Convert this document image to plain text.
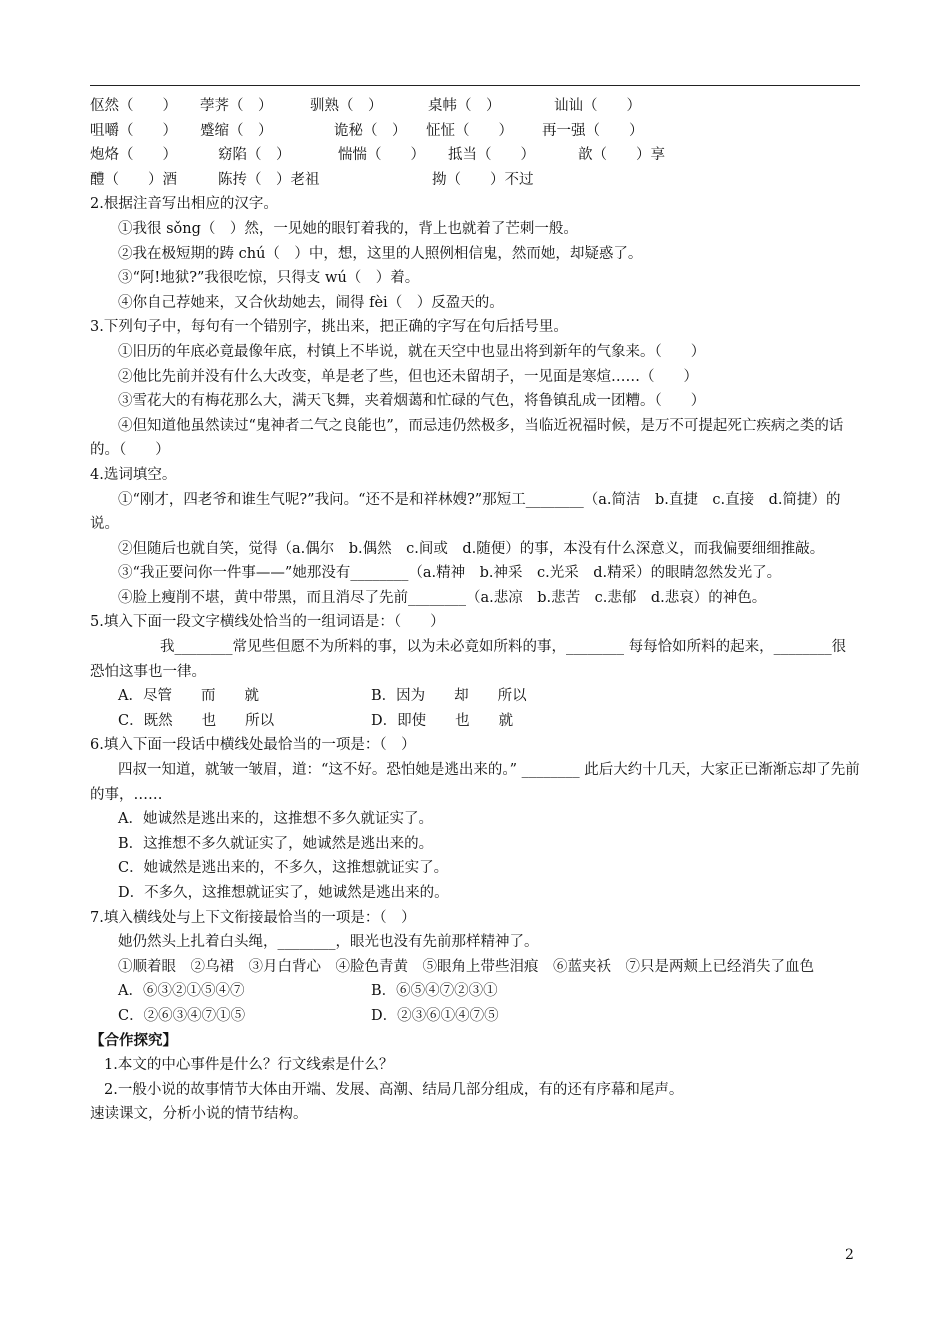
伛然（　　）	荸荠（　）	驯熟（　）	桌帏（　）	讪讪（　　）
咀嚼（　　）	蹙缩（　）	诡秘（　）	怔怔（　　）	再一强（　　）
炮烙（　　）	窈陷（　）	惴惴（　　）	抵当（　　）	歆（　　）享
醴（　　）酒	陈抟（　）老祖	拗（　　）不过
2.根据注音写出相应的汉字。
①我很 sǒng（　）然，一见她的眼钉着我的，背上也就着了芒刺一般。
②我在极短期的踌 chú（　）中，想，这里的人照例相信鬼，然而她，却疑惑了。
③“阿!地狱?”我很吃惊，只得支 wú（　）着。
④你自己荐她来，又合伙劫她去，闹得 fèi（　）反盈天的。
3.下列句子中，每句有一个错别字，挑出来，把正确的字写在句后括号里。
①旧历的年底必竟最像年底，村镇上不毕说，就在天空中也显出将到新年的气象来。（　　）
②他比先前并没有什么大改变，单是老了些，但也还未留胡子，一见面是寒煊……（　　）
③雪花大的有梅花那么大，满天飞舞，夹着烟蔼和忙碌的气色，将鲁镇乱成一团糟。（　　）
④但知道他虽然读过“鬼神者二气之良能也”，而忌违仍然极多，当临近祝福时候，是万不可提起死亡疾病之类的话的。（　　）
4.选词填空。
①“刚才，四老爷和谁生气呢?”我问。“还不是和祥林嫂?”那短工________（a.简洁　b.直捷　c.直接　d.简捷）的说。
②但随后也就自笑，觉得（a.偶尔　b.偶然　c.间或　d.随便）的事，本没有什么深意义，而我偏要细细推敲。
③“我正要问你一件事——”她那没有________（a.精神　b.神采　c.光采　d.精采）的眼睛忽然发光了。
④脸上瘦削不堪，黄中带黑，而且消尽了先前________（a.悲凉　b.悲苦　c.悲郁　d.悲哀）的神色。
5.填入下面一段文字横线处恰当的一组词语是：（　　）
我________常见些但愿不为所料的事，以为未必竟如所料的事，________ 每每恰如所料的起来，________很恐怕这事也一律。
A．尽管　　而　　就	B．因为　　却　　所以
C．既然　　也　　所以	D．即使　　也　　就
6.填入下面一段话中横线处最恰当的一项是：（　）
四叔一知道，就皱一皱眉，道：“这不好。恐怕她是逃出来的。” ________ 此后大约十几天，大家正已渐渐忘却了先前的事，……
A．她诚然是逃出来的，这推想不多久就证实了。
B．这推想不多久就证实了，她诚然是逃出来的。
C．她诚然是逃出来的，不多久，这推想就证实了。
D．不多久，这推想就证实了，她诚然是逃出来的。
7.填入横线处与上下文衔接最恰当的一项是：（　）
她仍然头上扎着白头绳，________，眼光也没有先前那样精神了。
①顺着眼　②乌裙　③月白背心　④脸色青黄　⑤眼角上带些泪痕　⑥蓝夹袄　⑦只是两颊上已经消失了血色
A．⑥③②①⑤④⑦	B．⑥⑤④⑦②③①
C．②⑥③④⑦①⑤	D．②③⑥①④⑦⑤
【合作探究】
1.本文的中心事件是什么？行文线索是什么？
2.一般小说的故事情节大体由开端、发展、高潮、结局几部分组成，有的还有序幕和尾声。
速读课文，分析小说的情节结构。
2
